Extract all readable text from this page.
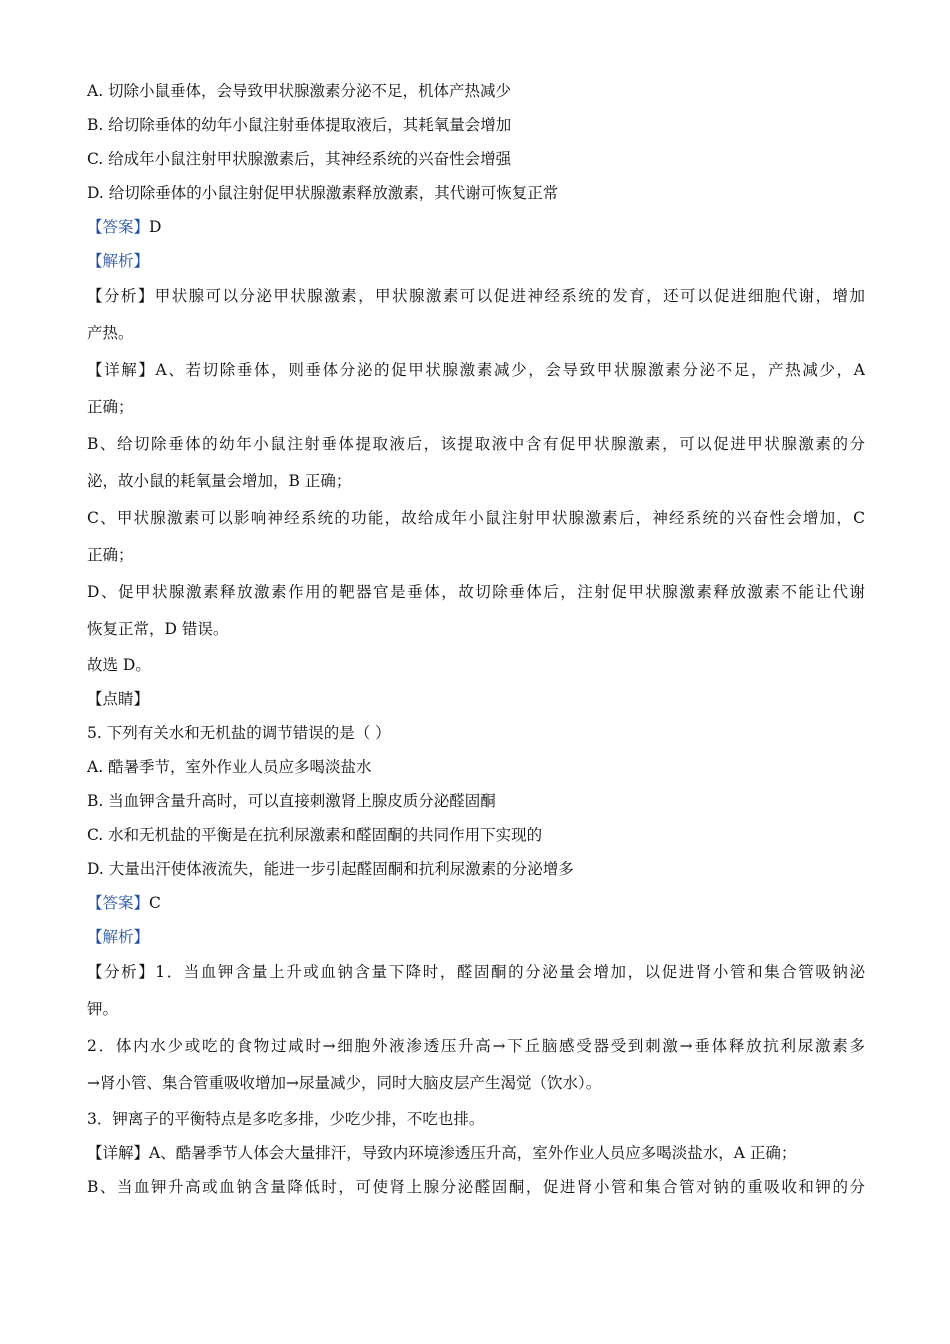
A. 切除小鼠垂体，会导致甲状腺激素分泌不足，机体产热减少
B. 给切除垂体的幼年小鼠注射垂体提取液后，其耗氧量会增加
C. 给成年小鼠注射甲状腺激素后，其神经系统的兴奋性会增强
D. 给切除垂体的小鼠注射促甲状腺激素释放激素，其代谢可恢复正常
【答案】D
【解析】
【分析】甲状腺可以分泌甲状腺激素，甲状腺激素可以促进神经系统的发育，还可以促进细胞代谢，增加
产热。
【详解】A、若切除垂体，则垂体分泌的促甲状腺激素减少，会导致甲状腺激素分泌不足，产热减少，A
正确；
B、给切除垂体的幼年小鼠注射垂体提取液后，该提取液中含有促甲状腺激素，可以促进甲状腺激素的分
泌，故小鼠的耗氧量会增加，B 正确；
C、甲状腺激素可以影响神经系统的功能，故给成年小鼠注射甲状腺激素后，神经系统的兴奋性会增加，C
正确；
D、促甲状腺激素释放激素作用的靶器官是垂体，故切除垂体后，注射促甲状腺激素释放激素不能让代谢
恢复正常，D 错误。
故选 D。
【点睛】
5. 下列有关水和无机盐的调节错误的是（ ）
A. 酷暑季节，室外作业人员应多喝淡盐水
B. 当血钾含量升高时，可以直接刺激肾上腺皮质分泌醛固酮
C. 水和无机盐的平衡是在抗利尿激素和醛固酮的共同作用下实现的
D. 大量出汗使体液流失，能进一步引起醛固酮和抗利尿激素的分泌增多
【答案】C
【解析】
【分析】1．当血钾含量上升或血钠含量下降时，醛固酮的分泌量会增加，以促进肾小管和集合管吸钠泌
钾。
2．体内水少或吃的食物过咸时→细胞外液渗透压升高→下丘脑感受器受到刺激→垂体释放抗利尿激素多
→肾小管、集合管重吸收增加→尿量减少，同时大脑皮层产生渴觉（饮水）。
3．钾离子的平衡特点是多吃多排，少吃少排，不吃也排。
【详解】A、酷暑季节人体会大量排汗，导致内环境渗透压升高，室外作业人员应多喝淡盐水，A 正确；
B、当血钾升高或血钠含量降低时，可使肾上腺分泌醛固酮，促进肾小管和集合管对钠的重吸收和钾的分
